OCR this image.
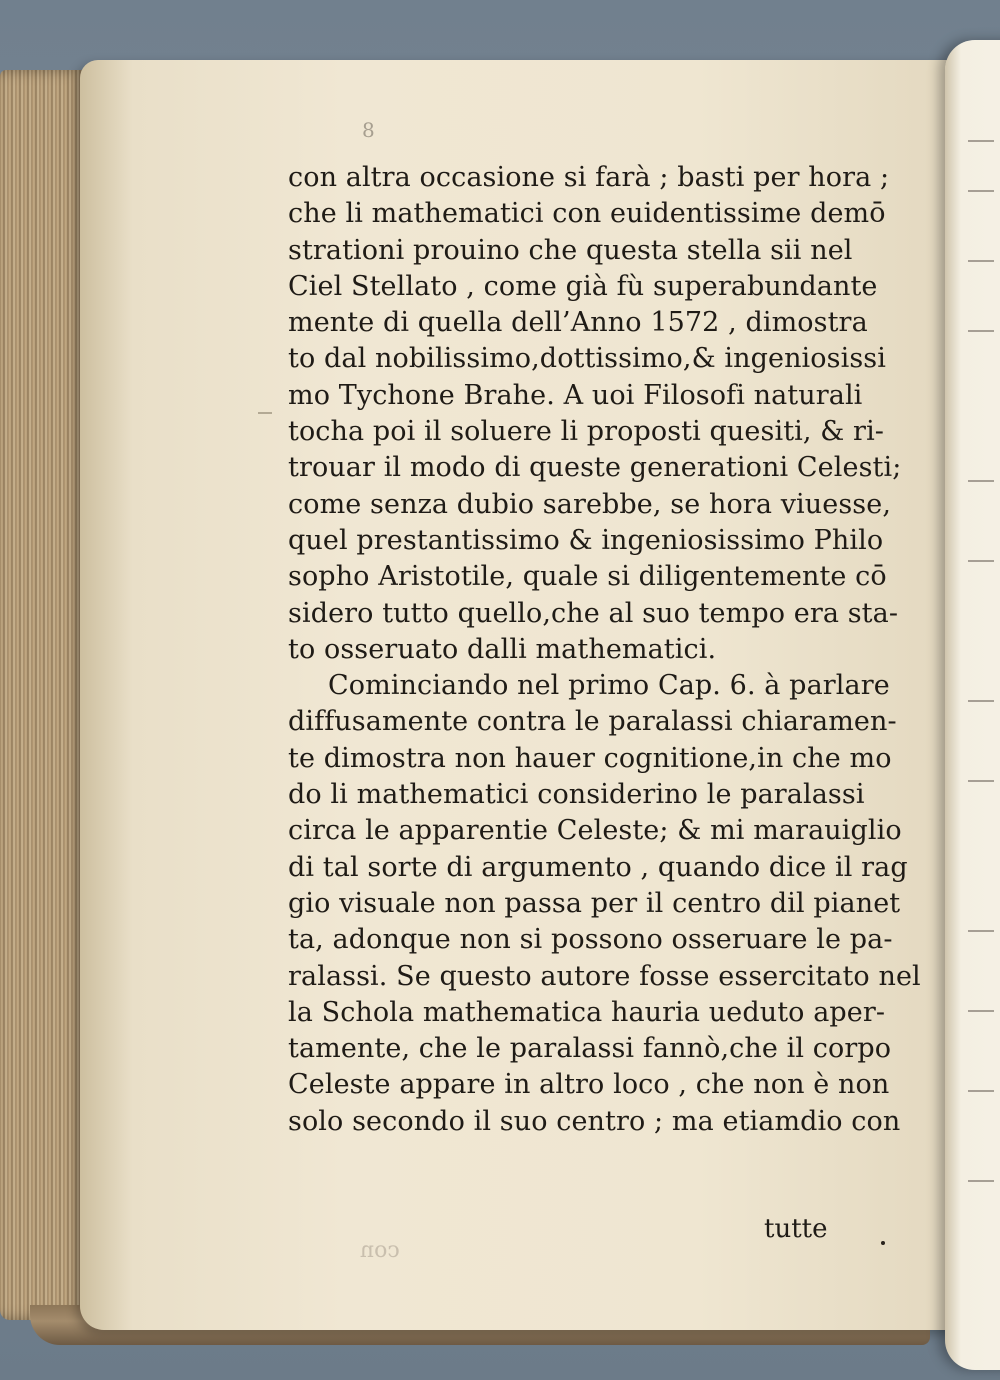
8
con altra occasione si farà ; basti per hora ;
che li mathematici con euidentissime demō
strationi prouino che questa stella sii nel
Ciel Stellato , come già fù superabundante
mente di quella dell’Anno 1572 , dimostra
to dal nobilissimo,dottissimo,& ingeniosissi
mo Tychone Brahe. A uoi Filosofi naturali
tocha poi il soluere li proposti quesiti, & ri-
trouar il modo di queste generationi Celesti;
come senza dubio sarebbe, se hora viuesse,
quel prestantissimo & ingeniosissimo Philo
sopho Aristotile, quale si diligentemente cō
sidero tutto quello,che al suo tempo era sta-
to osseruato dalli mathematici.
Cominciando nel primo Cap. 6. à parlare
diffusamente contra le paralassi chiaramen-
te dimostra non hauer cognitione,in che mo
do li mathematici considerino le paralassi
circa le apparentie Celeste; & mi marauiglio
di tal sorte di argumento , quando dice il rag
gio visuale non passa per il centro dil pianet
ta, adonque non si possono osseruare le pa-
ralassi. Se questo autore fosse essercitato nel
la Schola mathematica hauria ueduto aper-
tamente, che le paralassi fannò,che il corpo
Celeste appare in altro loco , che non è non
solo secondo il suo centro ; ma etiamdio con
tutte
con
